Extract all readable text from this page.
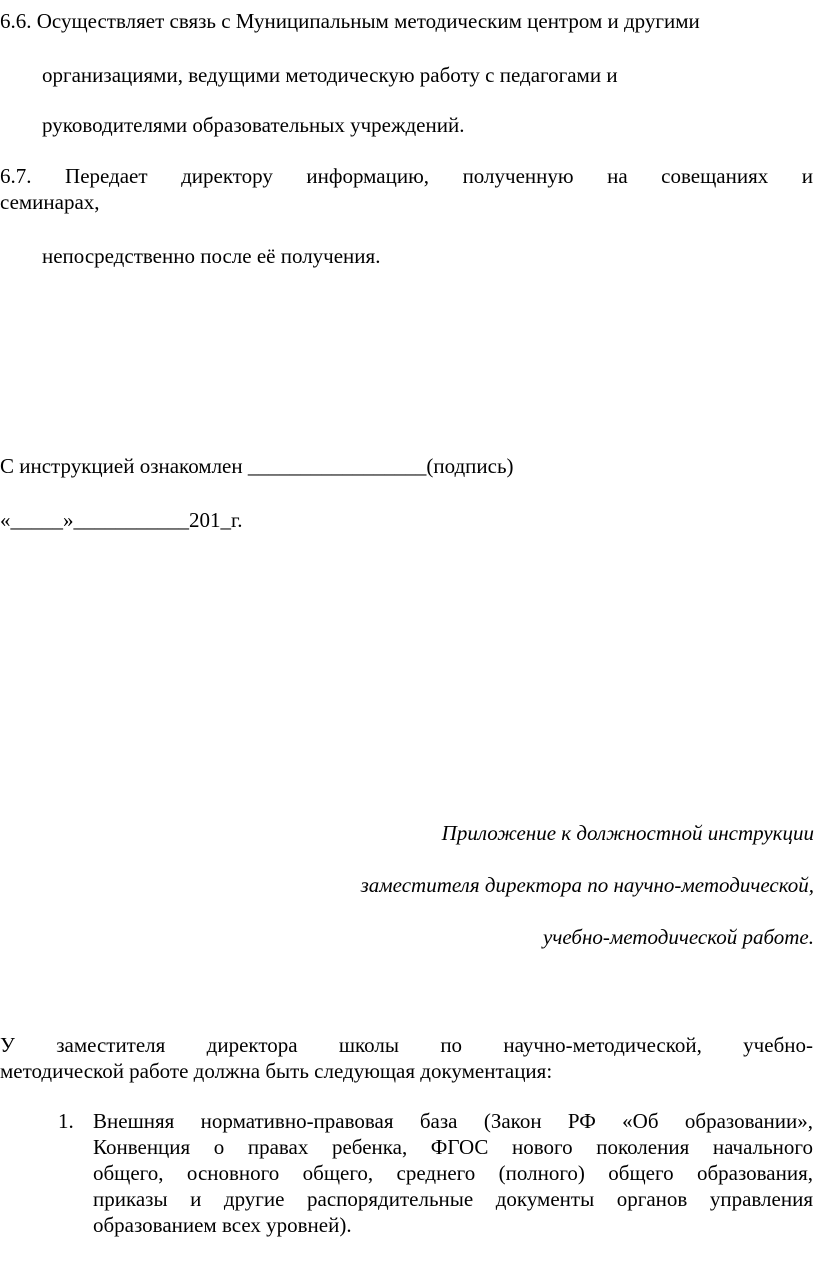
6.6. Осуществляет связь с Муниципальным методическим центром и другими
организациями, ведущими методическую работу с педагогами и
руководителями образовательных учреждений.
6.7. Передает директору информацию, полученную на совещаниях и
семинарах,
непосредственно после её получения.
С инструкцией ознакомлен _________________(подпись)
«_____»___________201_г.
Приложение к должностной инструкции
заместителя директора по научно-методической,
учебно-методической работе.
У заместителя директора школы по научно-методической, учебно-
методической работе должна быть следующая документация:
1. Внешняя нормативно-правовая база (Закон РФ «Об образовании»,
Конвенция о правах ребенка, ФГОС нового поколения начального
общего, основного общего, среднего (полного) общего образования,
приказы и другие распорядительные документы органов управления
образованием всех уровней).
